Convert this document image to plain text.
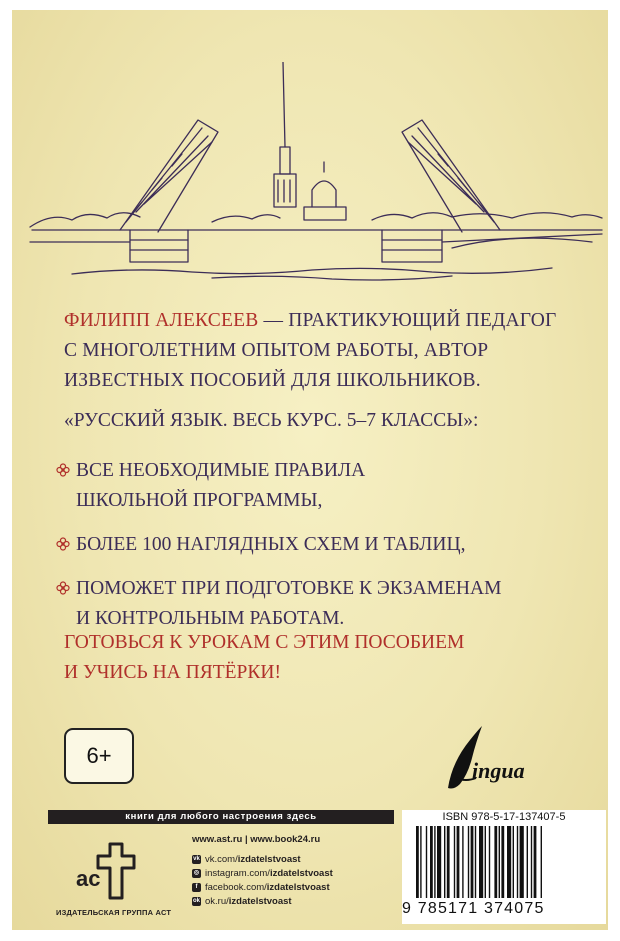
ФИЛИПП АЛЕКСЕЕВ — ПРАКТИКУЮЩИЙ ПЕДАГОГ
С МНОГОЛЕТНИМ ОПЫТОМ РАБОТЫ, АВТОР
ИЗВЕСТНЫХ ПОСОБИЙ ДЛЯ ШКОЛЬНИКОВ.
«РУССКИЙ ЯЗЫК. ВЕСЬ КУРС. 5–7 КЛАССЫ»:
ВСЕ НЕОБХОДИМЫЕ ПРАВИЛА
ШКОЛЬНОЙ ПРОГРАММЫ,
БОЛЕЕ 100 НАГЛЯДНЫХ СХЕМ И ТАБЛИЦ,
ПОМОЖЕТ ПРИ ПОДГОТОВКЕ К ЭКЗАМЕНАМ
И КОНТРОЛЬНЫМ РАБОТАМ.
ГОТОВЬСЯ К УРОКАМ С ЭТИМ ПОСОБИЕМ
И УЧИСЬ НА ПЯТЁРКИ!
6+
ingua
книги для любого настроения здесь
ac
ИЗДАТЕЛЬСКАЯ ГРУППА АСТ
www.ast.ru | www.book24.ru
vk vk.com/ izdatelstvoast
◎ instagram.com/ izdatelstvoast
f facebook.com/ izdatelstvoast
ok ok.ru/ izdatelstvoast
ISBN 978-5-17-137407-5
9 785171 374075
